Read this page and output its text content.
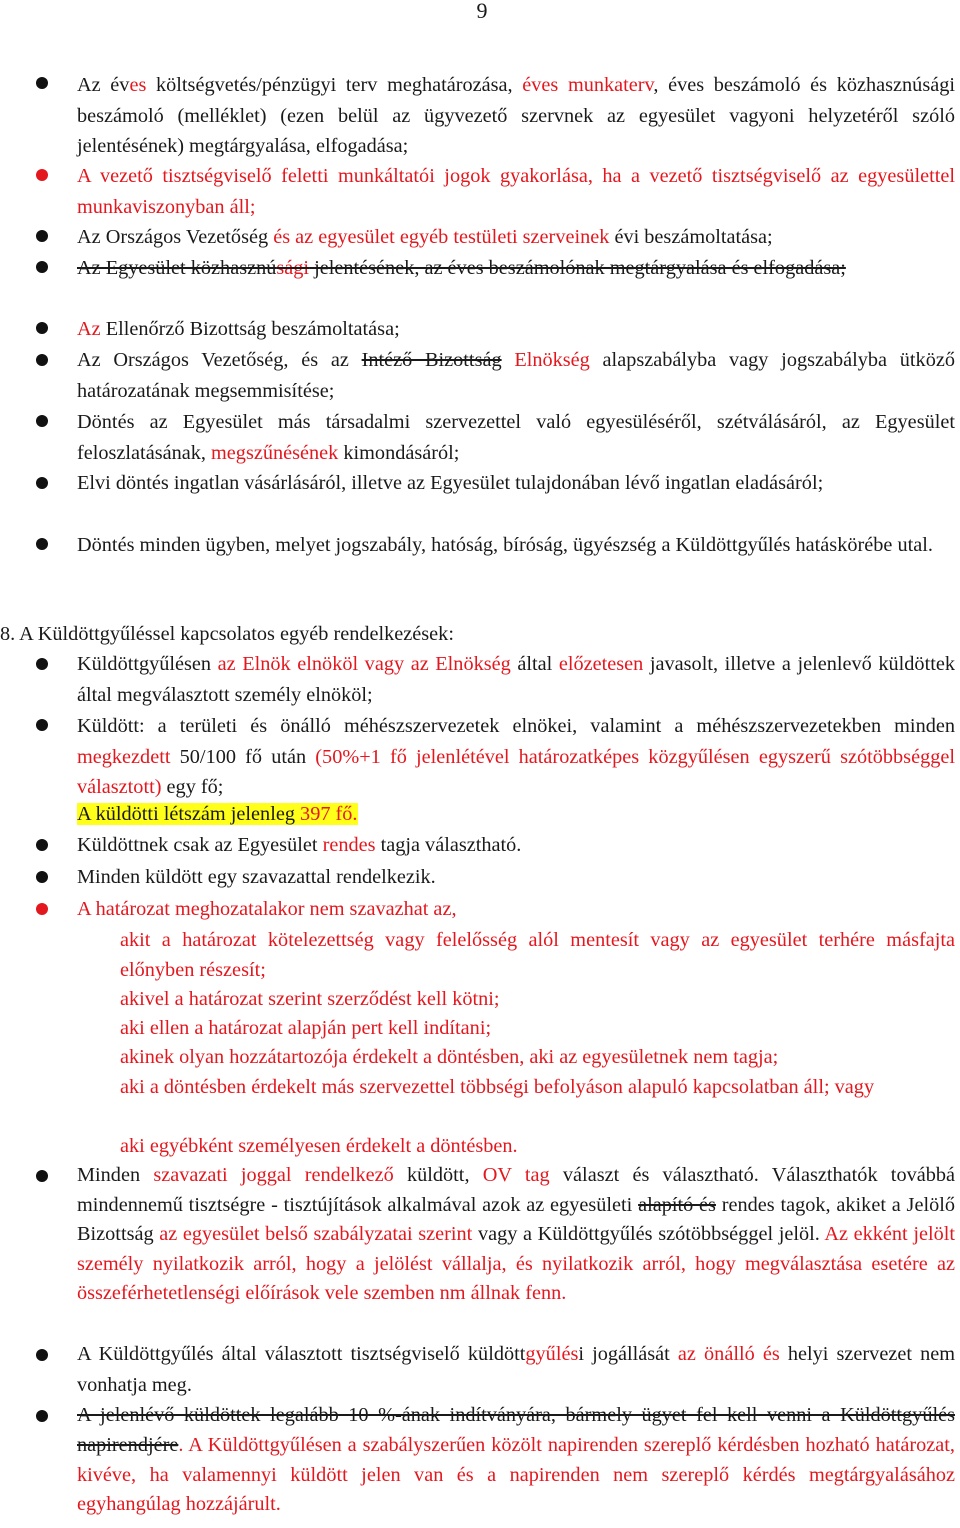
9
Az éves költségvetés/pénzügyi terv meghatározása, éves munkaterv, éves beszámoló és közhasznúsági beszámoló (melléklet) (ezen belül az ügyvezető szervnek az egyesület vagyoni helyzetéről szóló jelentésének) megtárgyalása, elfogadása;
A vezető tisztségviselő feletti munkáltatói jogok gyakorlása, ha a vezető tisztségviselő az egyesülettel munkaviszonyban áll;
Az Országos Vezetőség és az egyesület egyéb testületi szerveinek évi beszámoltatása;
Az Egyesület közhasznúsági jelentésének, az éves beszámolónak megtárgyalása és elfogadása;
Az Ellenőrző Bizottság beszámoltatása;
Az Országos Vezetőség, és az Intéző Bizottság Elnökség alapszabályba vagy jogszabályba ütköző határozatának megsemmisítése;
Döntés az Egyesület más társadalmi szervezettel való egyesüléséről, szétválásáról, az Egyesület feloszlatásának, megszűnésének kimondásáról;
Elvi döntés ingatlan vásárlásáról, illetve az Egyesület tulajdonában lévő ingatlan eladásáról;
Döntés minden ügyben, melyet jogszabály, hatóság, bíróság, ügyészség a Küldöttgyűlés hatáskörébe utal.
8. A Küldöttgyűléssel kapcsolatos egyéb rendelkezések:
Küldöttgyűlésen az Elnök elnököl vagy az Elnökség által előzetesen javasolt, illetve a jelenlevő küldöttek által megválasztott személy elnököl;
Küldött: a területi és önálló méhészszervezetek elnökei, valamint a méhészszervezetekben minden megkezdett 50/100 fő után (50%+1 fő jelenlétével határozatképes közgyűlésen egyszerű szótöbbséggel választott) egy fő;
A küldötti létszám jelenleg 397 fő.
Küldöttnek csak az Egyesület rendes tagja választható.
Minden küldött egy szavazattal rendelkezik.
A határozat meghozatalakor nem szavazhat az,
akit a határozat kötelezettség vagy felelősség alól mentesít vagy az egyesület terhére másfajta előnyben részesít;
akivel a határozat szerint szerződést kell kötni;
aki ellen a határozat alapján pert kell indítani;
akinek olyan hozzátartozója érdekelt a döntésben, aki az egyesületnek nem tagja;
aki a döntésben érdekelt más szervezettel többségi befolyáson alapuló kapcsolatban áll; vagy
aki egyébként személyesen érdekelt a döntésben.
Minden szavazati joggal rendelkező küldött, OV tag választ és választható. Választhatók továbbá mindennemű tisztségre - tisztújítások alkalmával azok az egyesületi alapító és rendes tagok, akiket a Jelölő Bizottság az egyesület belső szabályzatai szerint vagy a Küldöttgyűlés szótöbbséggel jelöl. Az ekként jelölt személy nyilatkozik arról, hogy a jelölést vállalja, és nyilatkozik arról, hogy megválasztása esetére az összeférhetetlenségi előírások vele szemben nm állnak fenn.
A Küldöttgyűlés által választott tisztségviselő küldöttgyűlési jogállását az önálló és helyi szervezet nem vonhatja meg.
A jelenlévő küldöttek legalább 10 %-ának indítványára, bármely ügyet fel kell venni a Küldöttgyűlés napirendjére. A Küldöttgyűlésen a szabályszerűen közölt napirenden szereplő kérdésben hozható határozat, kivéve, ha valamennyi küldött jelen van és a napirenden nem szereplő kérdés megtárgyalásához egyhangúlag hozzájárult.
